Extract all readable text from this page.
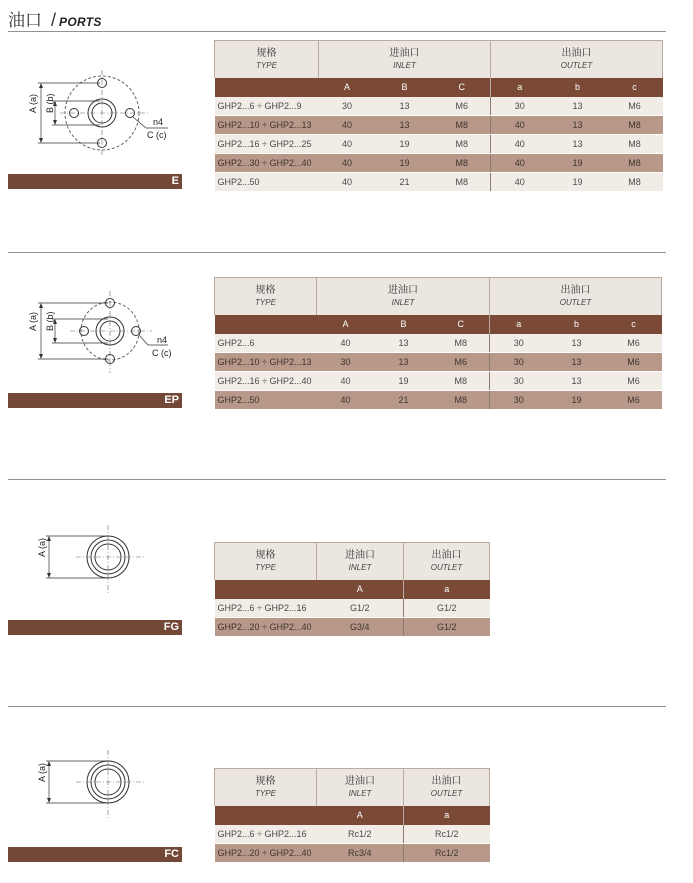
油口 / PORTS
A (a) B (b)
n4
C (c)
E
规格
TYPE	进油口
INLET			出油口
OUTLET		

	A	B	C	a	b	c
GHP2...6 ÷ GHP2...9	30	13	M6	30	13	M6
GHP2...10 ÷ GHP2...13	40	13	M8	40	13	M8
GHP2...16 ÷ GHP2...25	40	19	M8	40	13	M8
GHP2...30 ÷ GHP2...40	40	19	M8	40	19	M8
GHP2...50	40	21	M8	40	19	M8
A (a) B (b)
n4
C (c)
EP
规格
TYPE	进油口
INLET			出油口
OUTLET		

	A	B	C	a	b	c
GHP2...6	40	13	M8	30	13	M6
GHP2...10 ÷ GHP2...13	30	13	M6	30	13	M6
GHP2...16 ÷ GHP2...40	40	19	M8	30	13	M6
GHP2...50	40	21	M8	30	19	M6
A (a)
FG
规格
TYPE	进油口
INLET	出油口
OUTLET

	A	a
GHP2...6 ÷ GHP2...16	G1/2	G1/2
GHP2...20 ÷ GHP2...40	G3/4	G1/2
A (a)
FC
规格
TYPE	进油口
INLET	出油口
OUTLET

	A	a
GHP2...6 ÷ GHP2...16	Rc1/2	Rc1/2
GHP2...20 ÷ GHP2...40	Rc3/4	Rc1/2
